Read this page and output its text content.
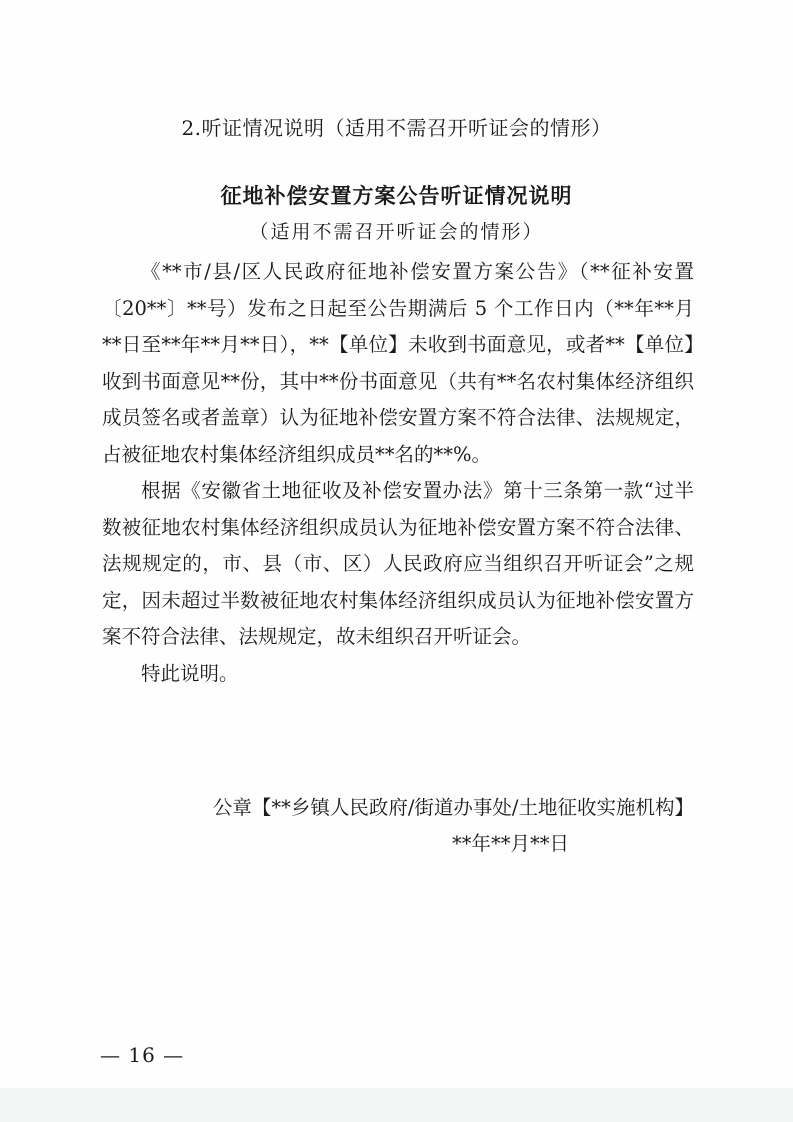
2.听证情况说明（适用不需召开听证会的情形）
征地补偿安置方案公告听证情况说明
（适用不需召开听证会的情形）

《**市/县/区人民政府征地补偿安置方案公告》（**征补安置〔20**〕**号）发布之日起至公告期满后 5 个工作日内（**年**月**日至**年**月**日），**【单位】未收到书面意见，或者**【单位】收到书面意见**份，其中**份书面意见（共有**名农村集体经济组织成员签名或者盖章）认为征地补偿安置方案不符合法律、法规规定，占被征地农村集体经济组织成员**名的**%。

根据《安徽省土地征收及补偿安置办法》第十三条第一款“过半数被征地农村集体经济组织成员认为征地补偿安置方案不符合法律、法规规定的，市、县（市、区）人民政府应当组织召开听证会”之规定，因未超过半数被征地农村集体经济组织成员认为征地补偿安置方案不符合法律、法规规定，故未组织召开听证会。

特此说明。

公章【**乡镇人民政府/街道办事处/土地征收实施机构】
**年**月**日
— 16 —
